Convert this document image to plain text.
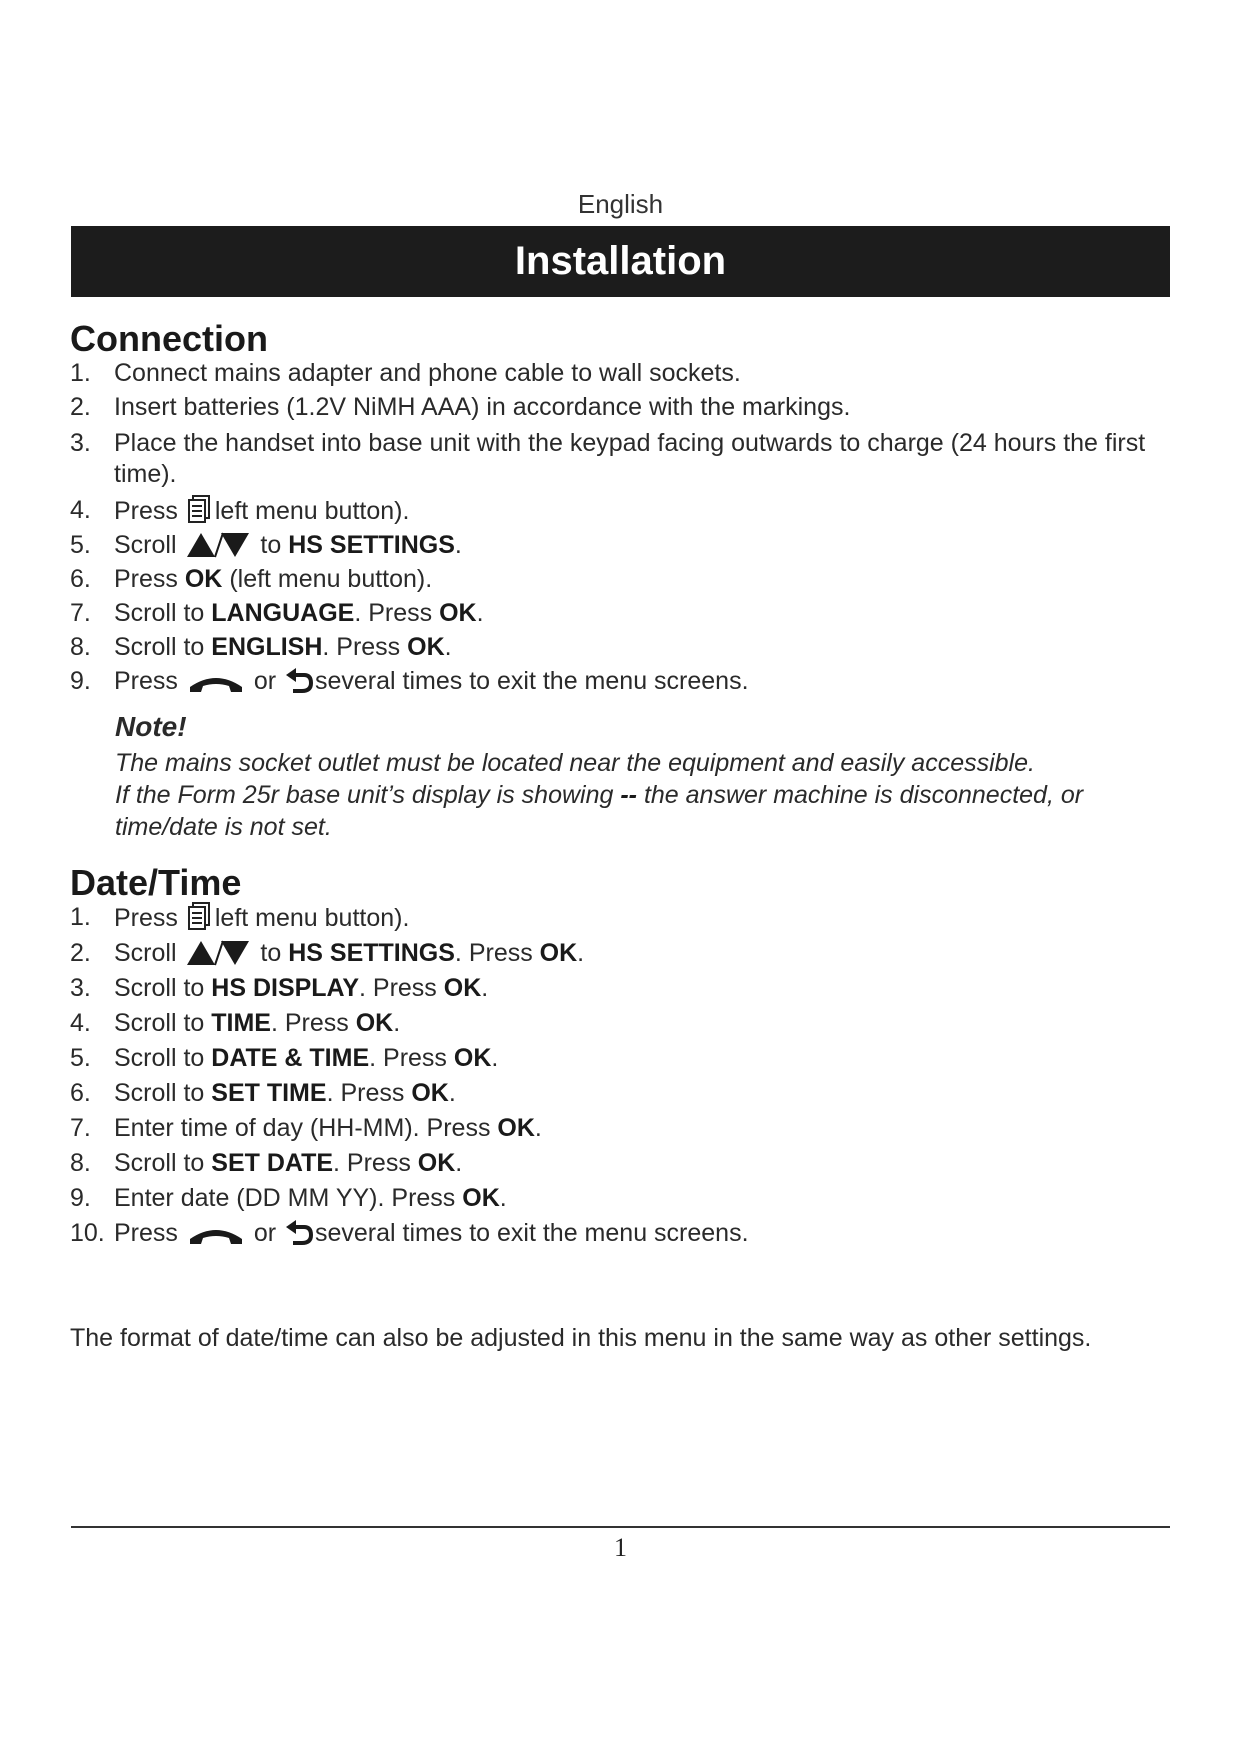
English
Installation
Connection
1. Connect mains adapter and phone cable to wall sockets.
2. Insert batteries (1.2V NiMH AAA) in accordance with the markings.
3. Place the handset into base unit with the keypad facing outwards to charge (24 hours the first time).
4. Press left menu button).
5. Scroll	to HS SETTINGS.
6. Press OK (left menu button).
7. Scroll to LANGUAGE. Press OK.
8. Scroll to ENGLISH. Press OK.
9. Press	or several times to exit the menu screens.
Note!

The mains socket outlet must be located near the equipment and easily accessible.

If the Form 25r base unit’s display is showing -- the answer machine is disconnected, or time/date is not set.

Date/Time
1. Press left menu button).
2. Scroll	to HS SETTINGS. Press OK.
3. Scroll to HS DISPLAY. Press OK.
4. Scroll to TIME. Press OK.
5. Scroll to DATE & TIME. Press OK.
6. Scroll to SET TIME. Press OK.
7. Enter time of day (HH-MM). Press OK.
8. Scroll to SET DATE. Press OK.
9. Enter date (DD MM YY). Press OK.
10. Press	or several times to exit the menu screens.
The format of date/time can also be adjusted in this menu in the same way as other settings.
1
